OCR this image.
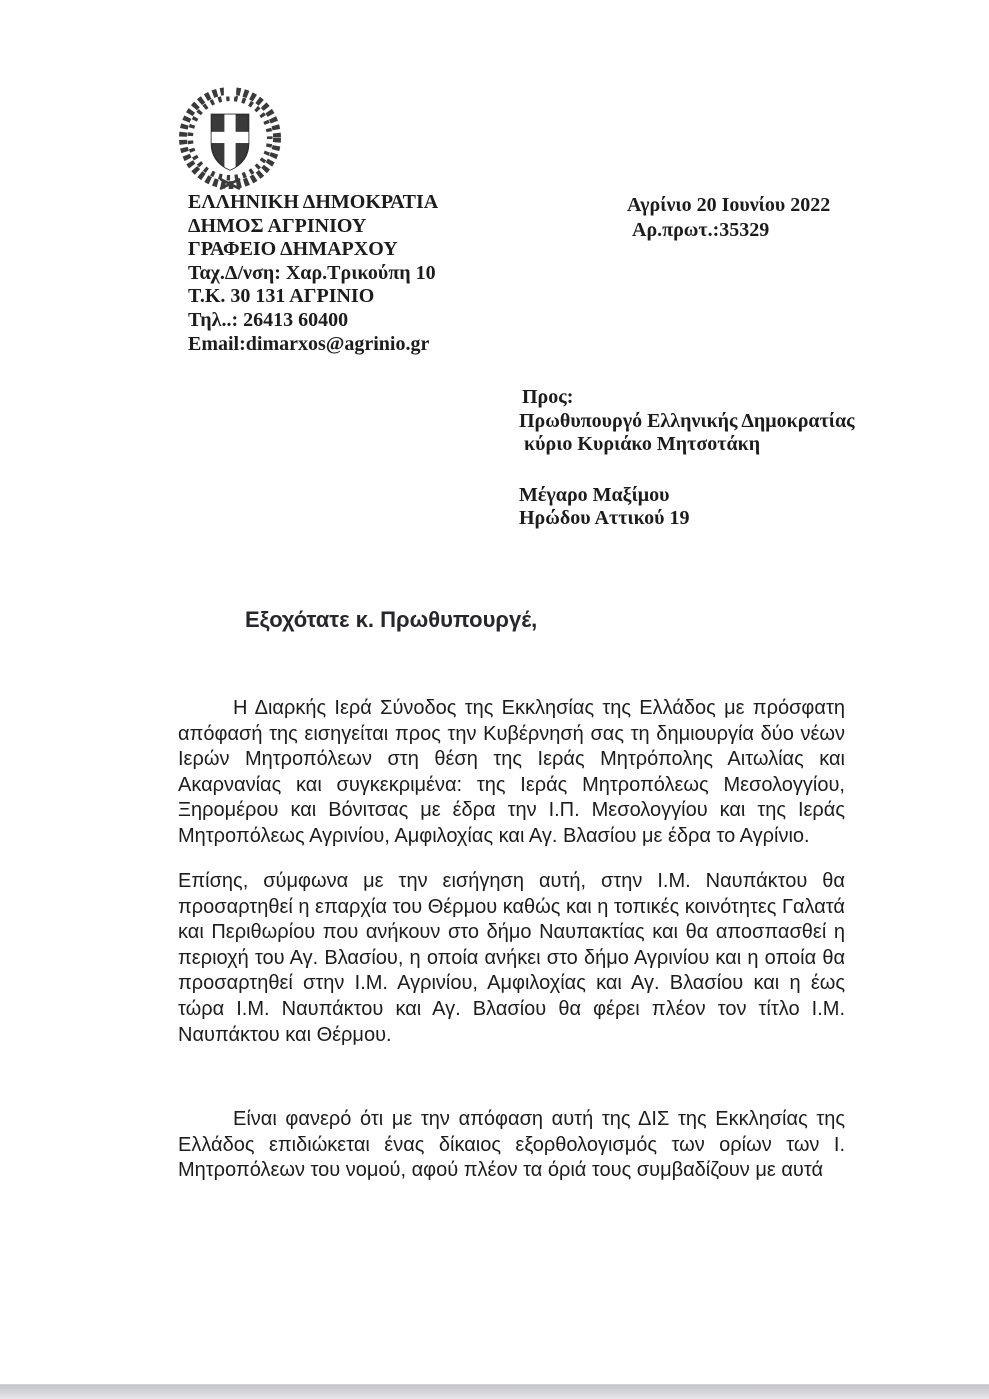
ΕΛΛΗΝΙΚΗ ΔΗΜΟΚΡΑΤΙΑ
ΔΗΜΟΣ ΑΓΡΙΝΙΟΥ
ΓΡΑΦΕΙΟ ΔΗΜΑΡΧΟΥ
Ταχ.Δ/νση: Χαρ.Τρικούπη 10
Τ.Κ. 30 131 ΑΓΡΙΝΙΟ
Τηλ..: 26413 60400
Email:dimarxos@agrinio.gr
Αγρίνιο 20 Ιουνίου 2022
Αρ.πρωτ.:35329
Προς:
Πρωθυπουργό Ελληνικής Δημοκρατίας
κύριο Κυριάκο Μητσοτάκη
Μέγαρο Μαξίμου
Ηρώδου Αττικού 19
Εξοχότατε κ. Πρωθυπουργέ,
Η Διαρκής Ιερά Σύνοδος της Εκκλησίας της Ελλάδος με πρόσφατη απόφασή της εισηγείται προς την Κυβέρνησή σας τη δημιουργία δύο νέων Ιερών Μητροπόλεων στη θέση της Ιεράς Μητρόπολης Αιτωλίας και Ακαρνανίας και συγκεκριμένα: της Ιεράς Μητροπόλεως Μεσολογγίου, Ξηρομέρου και Βόνιτσας με έδρα την Ι.Π. Μεσολογγίου και της Ιεράς Μητροπόλεως Αγρινίου, Αμφιλοχίας και Αγ. Βλασίου με έδρα το Αγρίνιο.
Επίσης, σύμφωνα με την εισήγηση αυτή, στην Ι.Μ. Ναυπάκτου θα προσαρτηθεί η επαρχία του Θέρμου καθώς και η τοπικές κοινότητες Γαλατά και Περιθωρίου που ανήκουν στο δήμο Ναυπακτίας και θα αποσπασθεί η περιοχή του Αγ. Βλασίου, η οποία ανήκει στο δήμο Αγρινίου και η οποία θα προσαρτηθεί στην Ι.Μ. Αγρινίου, Αμφιλοχίας και Αγ. Βλασίου και η έως τώρα Ι.Μ. Ναυπάκτου και Αγ. Βλασίου θα φέρει πλέον τον τίτλο Ι.Μ. Ναυπάκτου και Θέρμου.
Είναι φανερό ότι με την απόφαση αυτή της ΔΙΣ της Εκκλησίας της Ελλάδος επιδιώκεται ένας δίκαιος εξορθολογισμός των ορίων των Ι. Μητροπόλεων του νομού, αφού πλέον τα όριά τους συμβαδίζουν με αυτά
